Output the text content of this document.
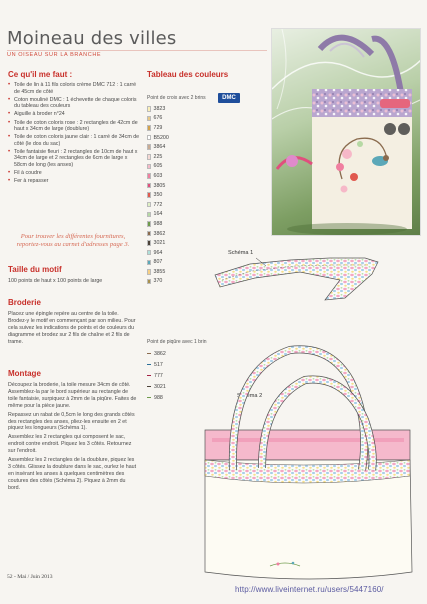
Moineau des villes
UN OISEAU SUR LA BRANCHE
Ce qu'il me faut :
• Toile de lin à 11 fils coloris crème DMC 712 : 1 carré de 45cm de côté
• Coton mouliné DMC : 1 échevette de chaque coloris du tableau des couleurs
• Aiguille à broder n°24
• Toile de coton coloris rose : 2 rectangles de 42cm de haut x 34cm de large (doublure)
• Toile de coton coloris jaune clair : 1 carré de 34cm de côté (le dos du sac)
• Toile fantaisie fleuri : 2 rectangles de 10cm de haut x 34cm de large et 2 rectangles de 6cm de large x 58cm de long (les anses)
• Fil à coudre
• Fer à repasser
Pour trouver les différentes fournitures, reportez-vous au carnet d'adresses page 3.
Taille du motif
100 points de haut x 100 points de large
Broderie
Placez une épingle repère au centre de la toile. Brodez-y le motif en commençant par son milieu. Pour cela suivez les indications de points et de couleurs du diagramme et brodez sur 2 fils de chaîne et 2 fils de trame.
Montage

Découpez la broderie, la toile mesure 34cm de côté. Assemblez-la par le bord supérieur au rectangle de toile fantaisie, surpiquez à 2mm de la piqûre. Faites de même pour la pièce jaune.

Repassez un rabat de 0,5cm le long des grands côtés des rectangles des anses, pliez-les ensuite en 2 et piquez les longueurs (Schéma 1).

Assemblez les 2 rectangles qui composent le sac, endroit contre endroit. Piquez les 3 côtés. Retournez sur l'endroit.

Assemblez les 2 rectangles de la doublure, piquez les 3 côtés. Glissez la doublure dans le sac, ourlez le haut en insérant les anses à quelques centimètres des coutures des côtés (Schéma 2). Piquez à 2mm du bord.

Tableau des couleurs
Point de croix avec 2 brins	DMC
3823
676
729
B5200
3864
225
605
603
3805
350
772
164
988
3862
3021
964
807
3855
370
Point de piqûre avec 1 brin
3862
517
777
3021
988
Schéma 1
Schéma 2
52 - Mai / Juin 2013
http://www.liveinternet.ru/users/5447160/
